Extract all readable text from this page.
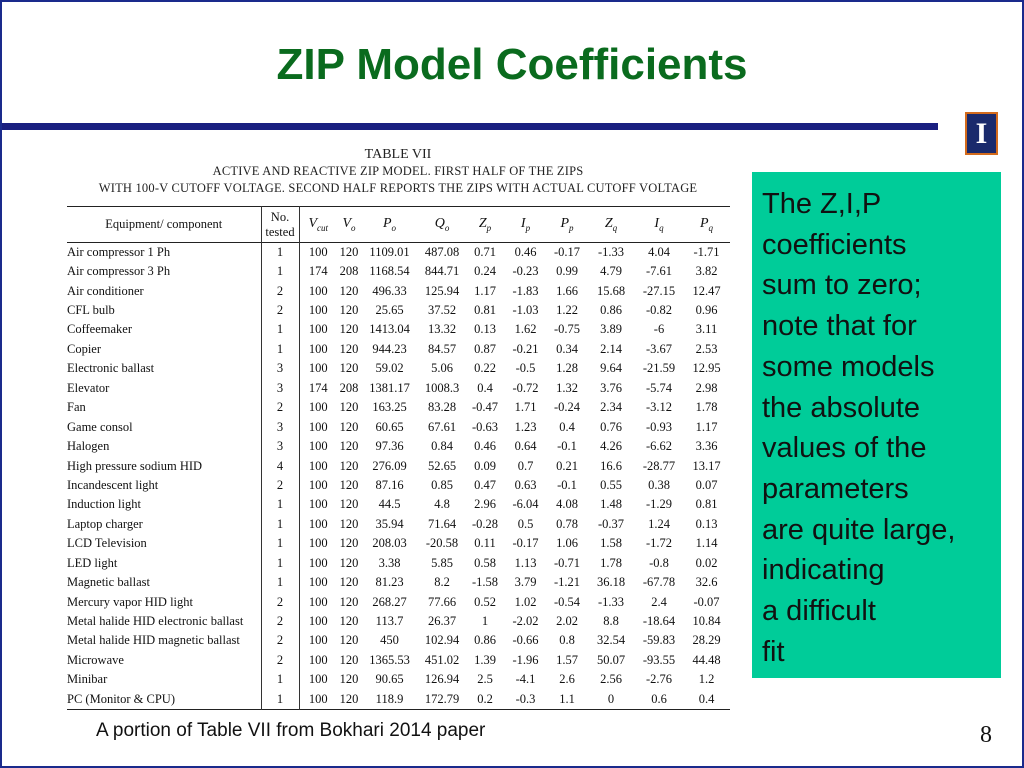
ZIP Model Coefficients
I
TABLE VII
ACTIVE AND REACTIVE ZIP MODEL. FIRST HALF OF THE ZIPS
WITH 100-V CUTOFF VOLTAGE. SECOND HALF REPORTS THE ZIPS WITH ACTUAL CUTOFF VOLTAGE
Equipment/ component	No. tested	$V_{cut}$	$V_o$	$P_o$	$Q_o$	$Z_p$	$I_p$	$P_p$	$Z_q$	$I_q$	$P_q$
Air compressor 1 Ph	1	100	120	1109.01	487.08	0.71	0.46	-0.17	-1.33	4.04	-1.71
Air compressor 3 Ph	1	174	208	1168.54	844.71	0.24	-0.23	0.99	4.79	-7.61	3.82
Air conditioner	2	100	120	496.33	125.94	1.17	-1.83	1.66	15.68	-27.15	12.47
CFL bulb	2	100	120	25.65	37.52	0.81	-1.03	1.22	0.86	-0.82	0.96
Coffeemaker	1	100	120	1413.04	13.32	0.13	1.62	-0.75	3.89	-6	3.11
Copier	1	100	120	944.23	84.57	0.87	-0.21	0.34	2.14	-3.67	2.53
Electronic ballast	3	100	120	59.02	5.06	0.22	-0.5	1.28	9.64	-21.59	12.95
Elevator	3	174	208	1381.17	1008.3	0.4	-0.72	1.32	3.76	-5.74	2.98
Fan	2	100	120	163.25	83.28	-0.47	1.71	-0.24	2.34	-3.12	1.78
Game consol	3	100	120	60.65	67.61	-0.63	1.23	0.4	0.76	-0.93	1.17
Halogen	3	100	120	97.36	0.84	0.46	0.64	-0.1	4.26	-6.62	3.36
High pressure sodium HID	4	100	120	276.09	52.65	0.09	0.7	0.21	16.6	-28.77	13.17
Incandescent light	2	100	120	87.16	0.85	0.47	0.63	-0.1	0.55	0.38	0.07
Induction light	1	100	120	44.5	4.8	2.96	-6.04	4.08	1.48	-1.29	0.81
Laptop charger	1	100	120	35.94	71.64	-0.28	0.5	0.78	-0.37	1.24	0.13
LCD Television	1	100	120	208.03	-20.58	0.11	-0.17	1.06	1.58	-1.72	1.14
LED light	1	100	120	3.38	5.85	0.58	1.13	-0.71	1.78	-0.8	0.02
Magnetic ballast	1	100	120	81.23	8.2	-1.58	3.79	-1.21	36.18	-67.78	32.6
Mercury vapor HID light	2	100	120	268.27	77.66	0.52	1.02	-0.54	-1.33	2.4	-0.07
Metal halide HID electronic ballast	2	100	120	113.7	26.37	1	-2.02	2.02	8.8	-18.64	10.84
Metal halide HID magnetic ballast	2	100	120	450	102.94	0.86	-0.66	0.8	32.54	-59.83	28.29
Microwave	2	100	120	1365.53	451.02	1.39	-1.96	1.57	50.07	-93.55	44.48
Minibar	1	100	120	90.65	126.94	2.5	-4.1	2.6	2.56	-2.76	1.2
PC (Monitor & CPU)	1	100	120	118.9	172.79	0.2	-0.3	1.1	0	0.6	0.4

The Z,I,P

coefficients

sum to zero;

note that for

some models

the absolute

values of the

parameters

are quite large,

indicating

a difficult

fit

A portion of Table VII from Bokhari 2014 paper	8
